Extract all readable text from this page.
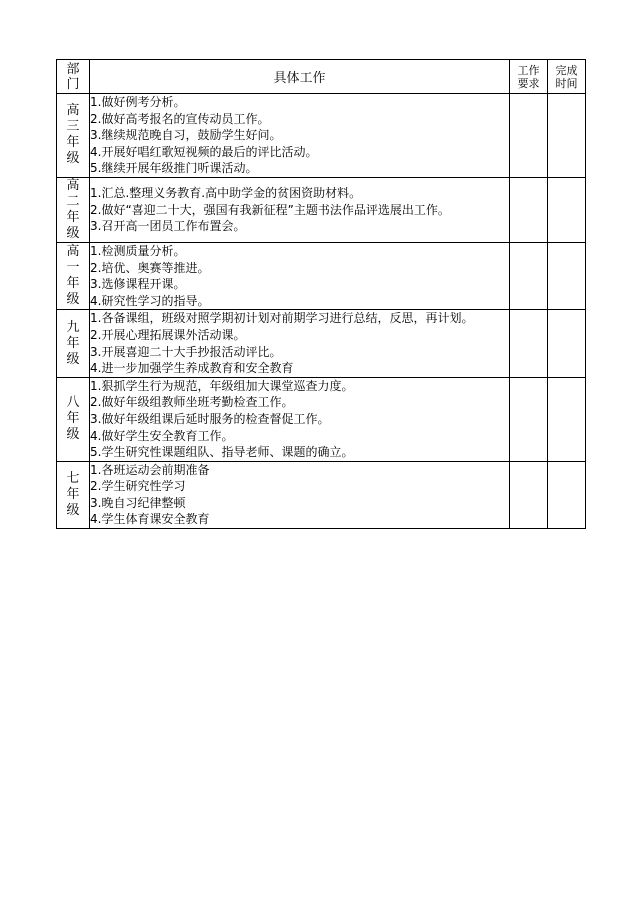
部门	具体工作	工作要求	完成时间

高三年级	1.做好例考分析。
2.做好高考报名的宣传动员工作。
3.继续规范晚自习，鼓励学生好问。
4.开展好唱红歌短视频的最后的评比活动。
5.继续开展年级推门听课活动。		

高二年级	1.汇总.整理义务教育.高中助学金的贫困资助材料。
2.做好“喜迎二十大，强国有我新征程”主题书法作品评选展出工作。
3.召开高一团员工作布置会。		

高一年级	1.检测质量分析。
2.培优、奥赛等推进。
3.选修课程开课。
4.研究性学习的指导。		

九年级	1.各备课组，班级对照学期初计划对前期学习进行总结，反思，再计划。
2.开展心理拓展课外活动课。
3.开展喜迎二十大手抄报活动评比。
4.进一步加强学生养成教育和安全教育		

八年级	1.狠抓学生行为规范，年级组加大课堂巡查力度。
2.做好年级组教师坐班考勤检查工作。
3.做好年级组课后延时服务的检查督促工作。
4.做好学生安全教育工作。
5.学生研究性课题组队、指导老师、课题的确立。		

七年级	1.各班运动会前期准备
2.学生研究性学习
3.晚自习纪律整顿
4.学生体育课安全教育		
